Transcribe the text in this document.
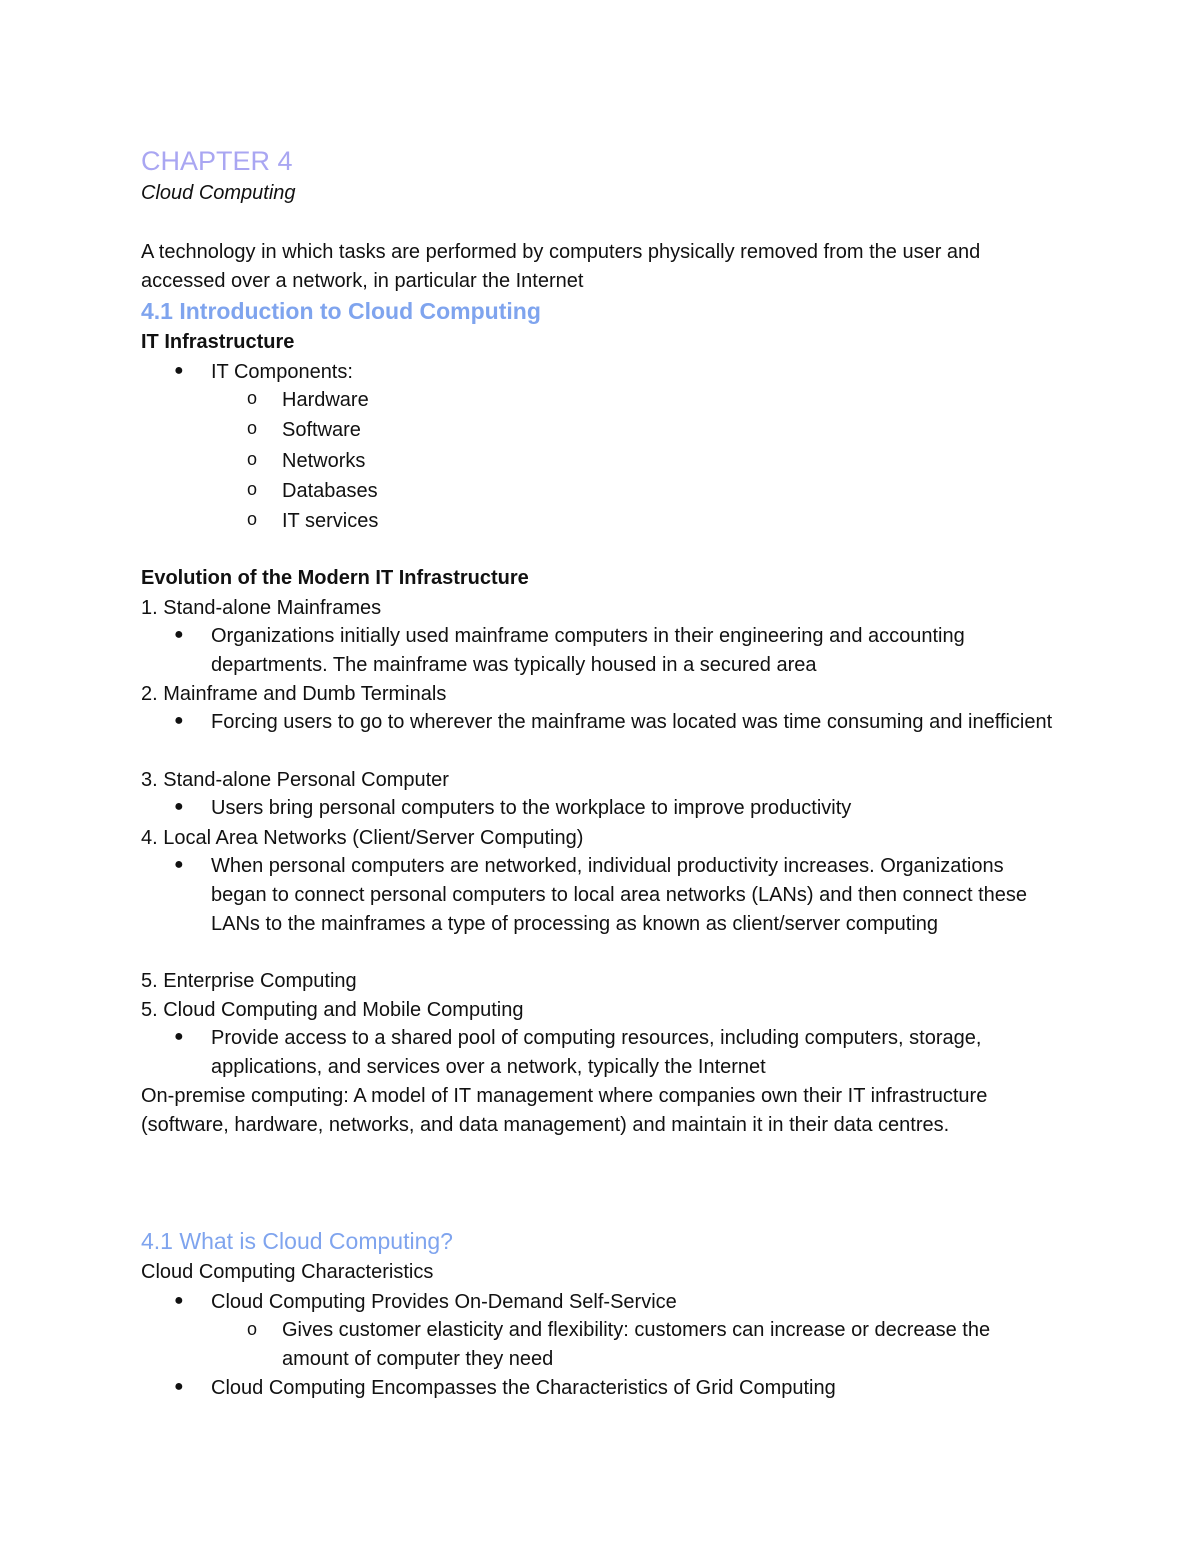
CHAPTER 4

Cloud Computing

A technology in which tasks are performed by computers physically removed from the user and accessed over a network, in particular the Internet

4.1 Introduction to Cloud Computing

IT Infrastructure

● IT Components:

o Hardware

o Software

o Networks

o Databases

o IT services

Evolution of the Modern IT Infrastructure

1. Stand-alone Mainframes

● Organizations initially used mainframe computers in their engineering and accounting departments. The mainframe was typically housed in a secured area

2. Mainframe and Dumb Terminals

● Forcing users to go to wherever the mainframe was located was time consuming and inefficient

3. Stand-alone Personal Computer

● Users bring personal computers to the workplace to improve productivity

4. Local Area Networks (Client/Server Computing)

● When personal computers are networked, individual productivity increases. Organizations began to connect personal computers to local area networks (LANs) and then connect these LANs to the mainframes a type of processing as known as client/server computing

5. Enterprise Computing

5. Cloud Computing and Mobile Computing

● Provide access to a shared pool of computing resources, including computers, storage, applications, and services over a network, typically the Internet

On-premise computing: A model of IT management where companies own their IT infrastructure (software, hardware, networks, and data management) and maintain it in their data centres.

4.1 What is Cloud Computing?

Cloud Computing Characteristics

● Cloud Computing Provides On-Demand Self-Service

o Gives customer elasticity and flexibility: customers can increase or decrease the amount of computer they need

● Cloud Computing Encompasses the Characteristics of Grid Computing
